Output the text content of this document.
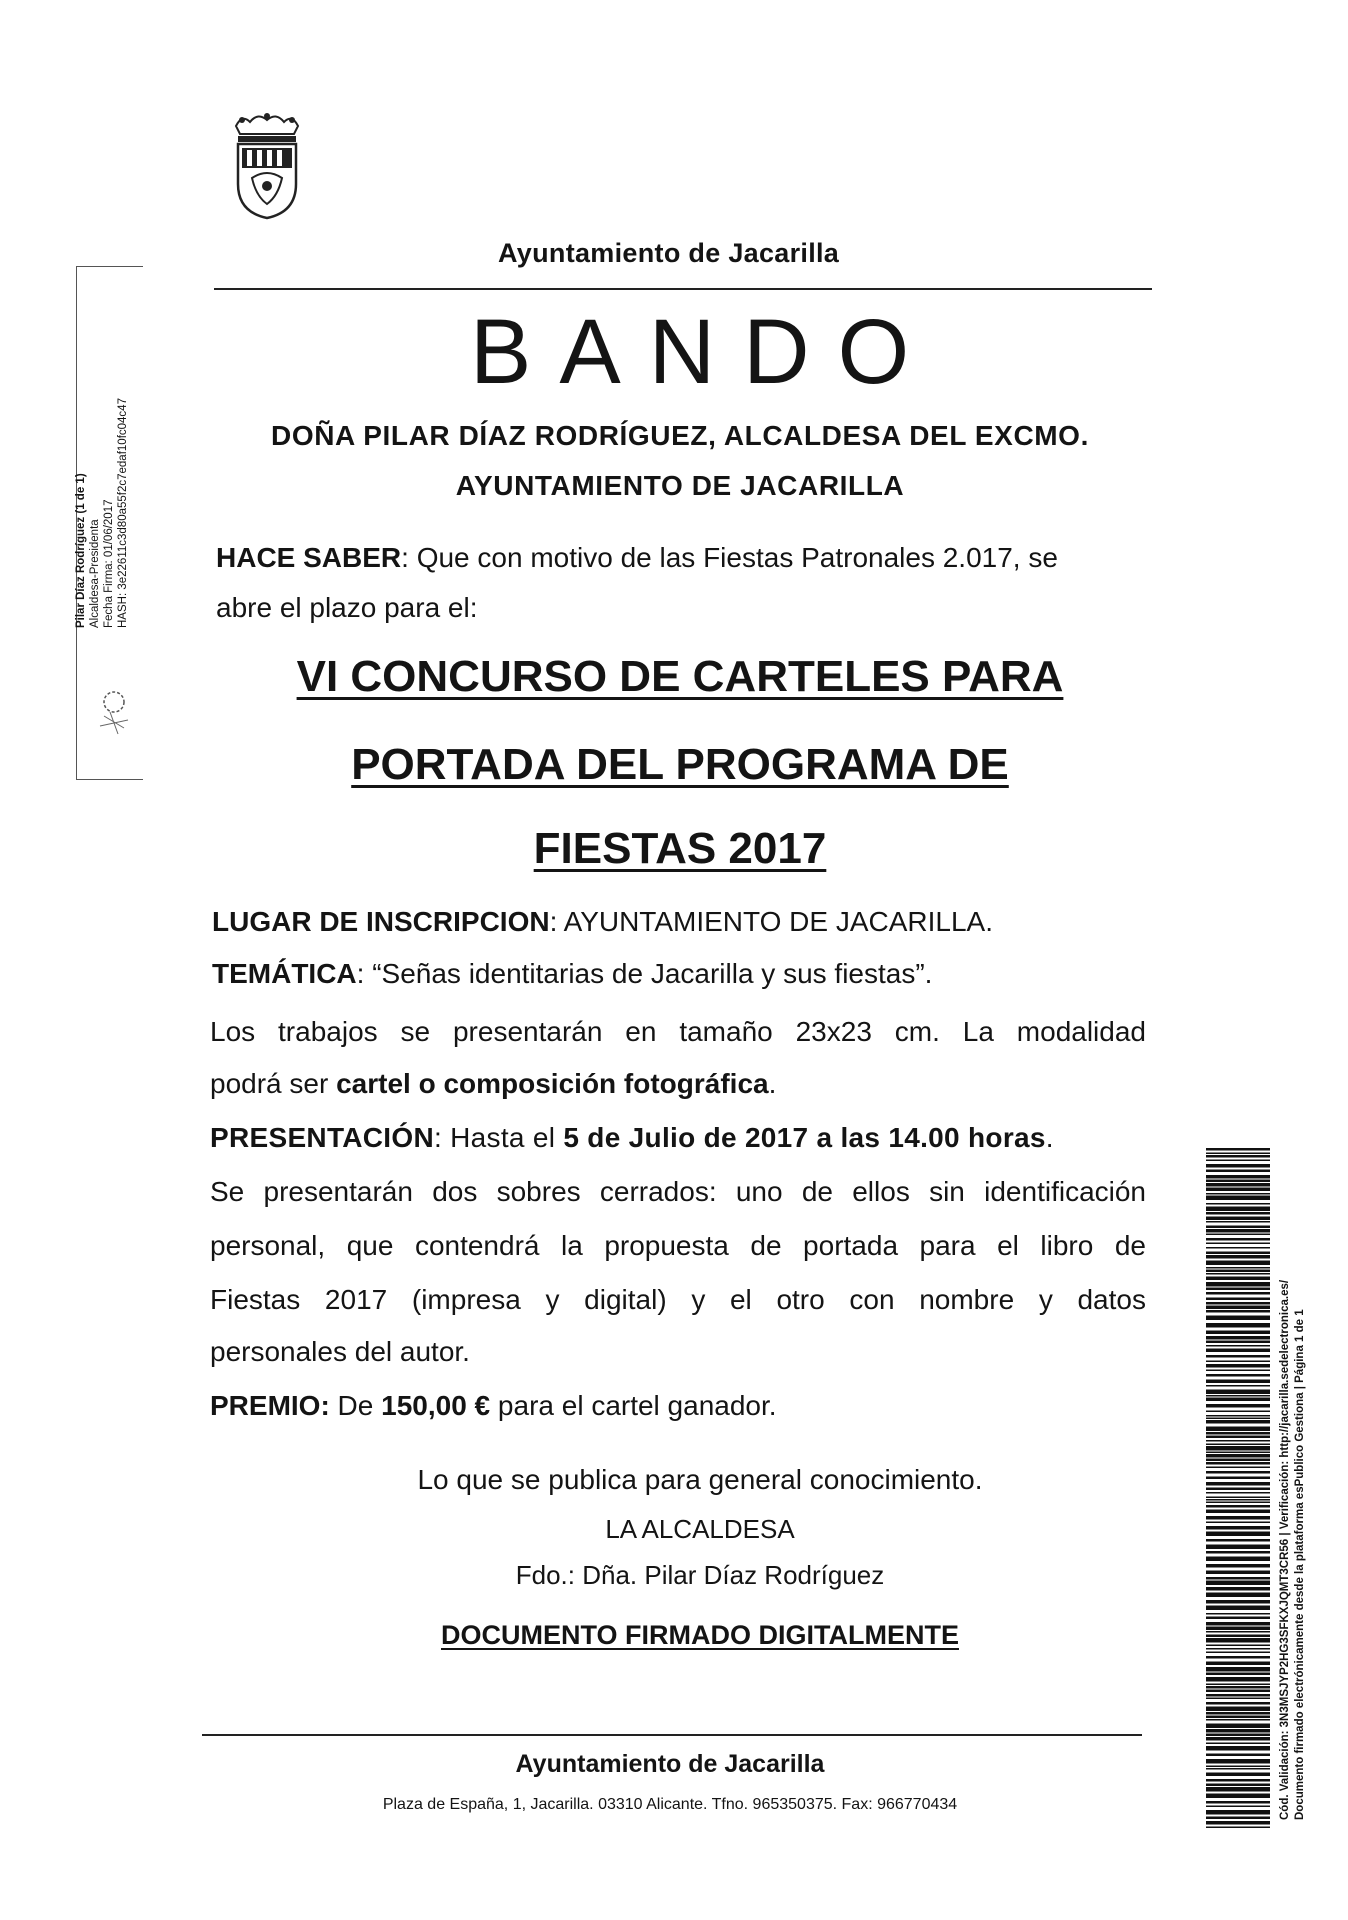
Ayuntamiento de Jacarilla
BANDO
DOÑA PILAR DÍAZ RODRÍGUEZ, ALCALDESA DEL EXCMO.
AYUNTAMIENTO DE JACARILLA
HACE SABER: Que con motivo de las Fiestas Patronales 2.017, se
abre el plazo para el:
VI CONCURSO DE CARTELES PARA
PORTADA DEL PROGRAMA DE
FIESTAS 2017
LUGAR DE INSCRIPCION: AYUNTAMIENTO DE JACARILLA.
TEMÁTICA: “Señas identitarias de Jacarilla y sus fiestas”.
Los trabajos se presentarán en tamaño 23x23 cm. La modalidad
podrá ser cartel o composición fotográfica.
PRESENTACIÓN: Hasta el 5 de Julio de 2017 a las 14.00 horas.
Se presentarán dos sobres cerrados: uno de ellos sin identificación
personal, que contendrá la propuesta de portada para el libro de
Fiestas 2017 (impresa y digital) y el otro con nombre y datos
personales del autor.
PREMIO: De 150,00 € para el cartel ganador.
Lo que se publica para general conocimiento.
LA ALCALDESA
Fdo.: Dña. Pilar Díaz Rodríguez
DOCUMENTO FIRMADO DIGITALMENTE
Ayuntamiento de Jacarilla
Plaza de España, 1, Jacarilla. 03310 Alicante. Tfno. 965350375. Fax: 966770434
Pilar Díaz Rodríguez (1 de 1) Alcaldesa-Presidenta Fecha Firma: 01/06/2017 HASH: 3e22611c3d80a55f2c7edaf10fc04c47
Cód. Validación: 3N3MSJYP2HG3SFKXJQMT3CR56 | Verificación: http://jacarilla.sedelectronica.es/ Documento firmado electrónicamente desde la plataforma esPublico Gestiona | Página 1 de 1
